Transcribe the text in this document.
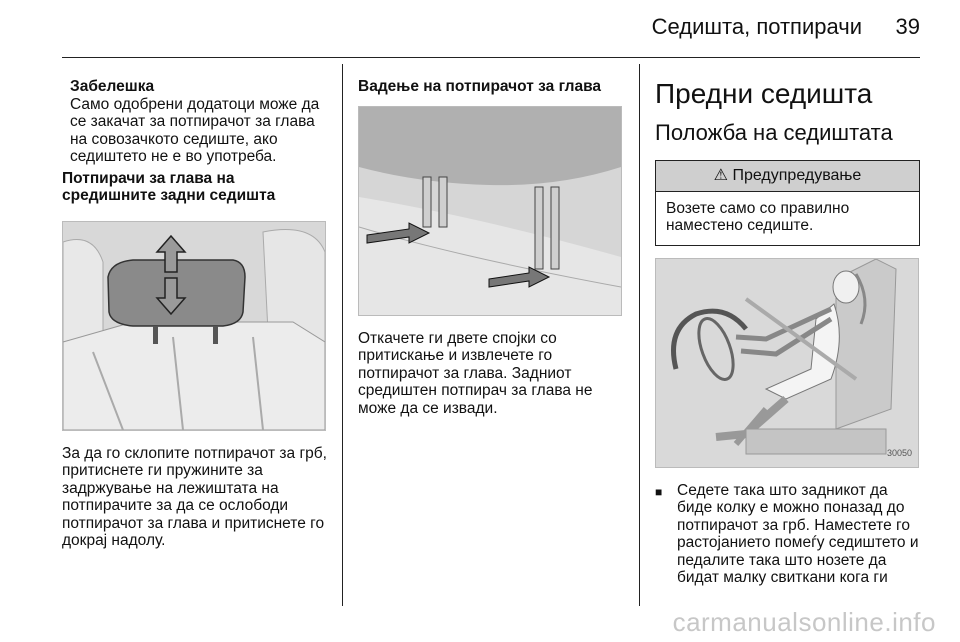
Седишта, потпирачи 39
Забелешка
Само одобрени додатоци може да се закачат за потпирачот за глава на совозачкото седиште, ако седиштето не е во употреба.
Потпирачи за глава на средишните задни седишта
За да го склопите потпирачот за грб, притиснете ги пружините за задржување на лежиштата на потпирачите за да се ослободи потпирачот за глава и притиснете го докрај надолу.
Вадење на потпирачот за глава
Откачете ги двете спојки со притискање и извлечете го потпирачот за глава. Задниот средиштен потпирач за глава не може да се извади.
Предни седишта
Положба на седиштата
⚠ Предупредување
Возете само со правилно наместено седиште.
30050
■ Седете така што задникот да биде колку е можно поназад до потпирачот за грб. Наместете го растојанието помеѓу седиштето и педалите така што нозете да бидат малку свиткани кога ги
carmanualsonline.info
